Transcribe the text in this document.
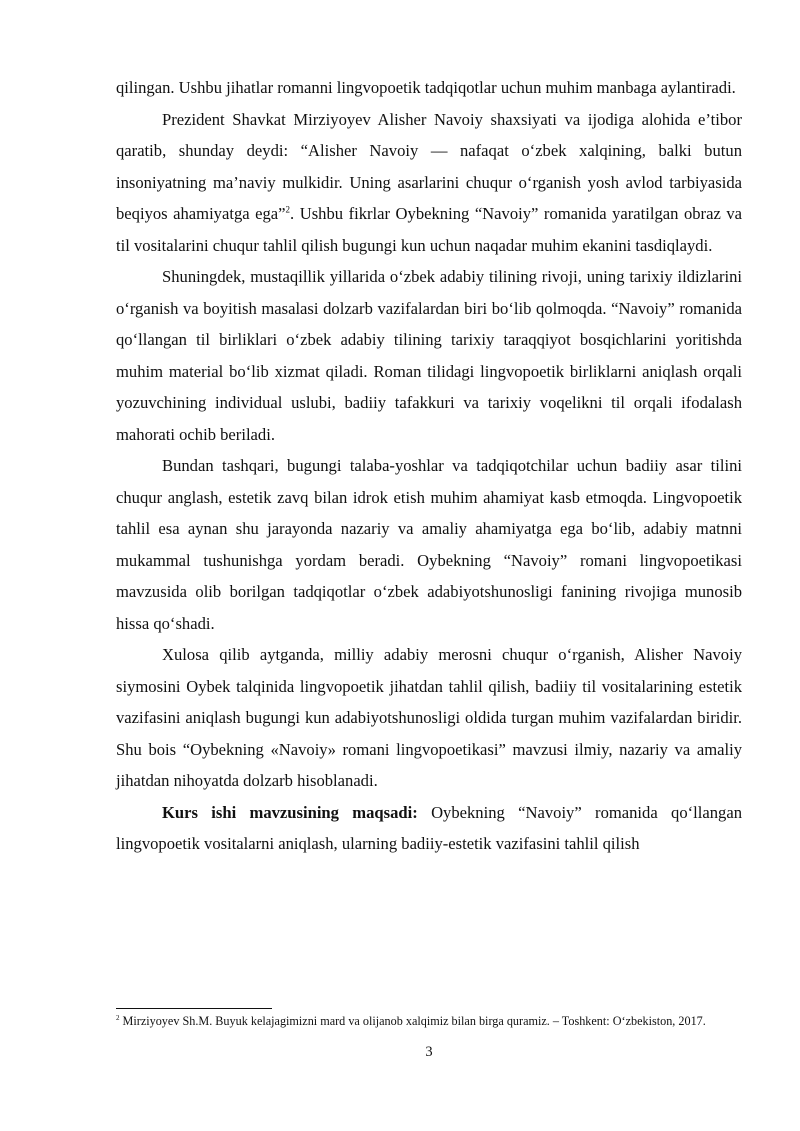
qilingan. Ushbu jihatlar romanni lingvopoetik tadqiqotlar uchun muhim manbaga aylantiradi.

Prezident Shavkat Mirziyoyev Alisher Navoiy shaxsiyati va ijodiga alohida e’tibor qaratib, shunday deydi: “Alisher Navoiy — nafaqat o‘zbek xalqining, balki butun insoniyatning ma’naviy mulkidir. Uning asarlarini chuqur o‘rganish yosh avlod tarbiyasida beqiyos ahamiyatga ega”$^2$. Ushbu fikrlar Oybekning “Navoiy” romanida yaratilgan obraz va til vositalarini chuqur tahlil qilish bugungi kun uchun naqadar muhim ekanini tasdiqlaydi.

Shuningdek, mustaqillik yillarida o‘zbek adabiy tilining rivoji, uning tarixiy ildizlarini o‘rganish va boyitish masalasi dolzarb vazifalardan biri bo‘lib qolmoqda. “Navoiy” romanida qo‘llangan til birliklari o‘zbek adabiy tilining tarixiy taraqqiyot bosqichlarini yoritishda muhim material bo‘lib xizmat qiladi. Roman tilidagi lingvopoetik birliklarni aniqlash orqali yozuvchining individual uslubi, badiiy tafakkuri va tarixiy voqelikni til orqali ifodalash mahorati ochib beriladi.

Bundan tashqari, bugungi talaba-yoshlar va tadqiqotchilar uchun badiiy asar tilini chuqur anglash, estetik zavq bilan idrok etish muhim ahamiyat kasb etmoqda. Lingvopoetik tahlil esa aynan shu jarayonda nazariy va amaliy ahamiyatga ega bo‘lib, adabiy matnni mukammal tushunishga yordam beradi. Oybekning “Navoiy” romani lingvopoetikasi mavzusida olib borilgan tadqiqotlar o‘zbek adabiyotshunosligi fanining rivojiga munosib hissa qo‘shadi.

Xulosa qilib aytganda, milliy adabiy merosni chuqur o‘rganish, Alisher Navoiy siymosini Oybek talqinida lingvopoetik jihatdan tahlil qilish, badiiy til vositalarining estetik vazifasini aniqlash bugungi kun adabiyotshunosligi oldida turgan muhim vazifalardan biridir. Shu bois “Oybekning «Navoiy» romani lingvopoetikasi” mavzusi ilmiy, nazariy va amaliy jihatdan nihoyatda dolzarb hisoblanadi.

Kurs ishi mavzusining maqsadi: Oybekning “Navoiy” romanida qo‘llangan lingvopoetik vositalarni aniqlash, ularning badiiy-estetik vazifasini tahlil qilish

$^2$ Mirziyoyev Sh.M. Buyuk kelajagimizni mard va olijanob xalqimiz bilan birga quramiz. – Toshkent: O‘zbekiston, 2017.

3
